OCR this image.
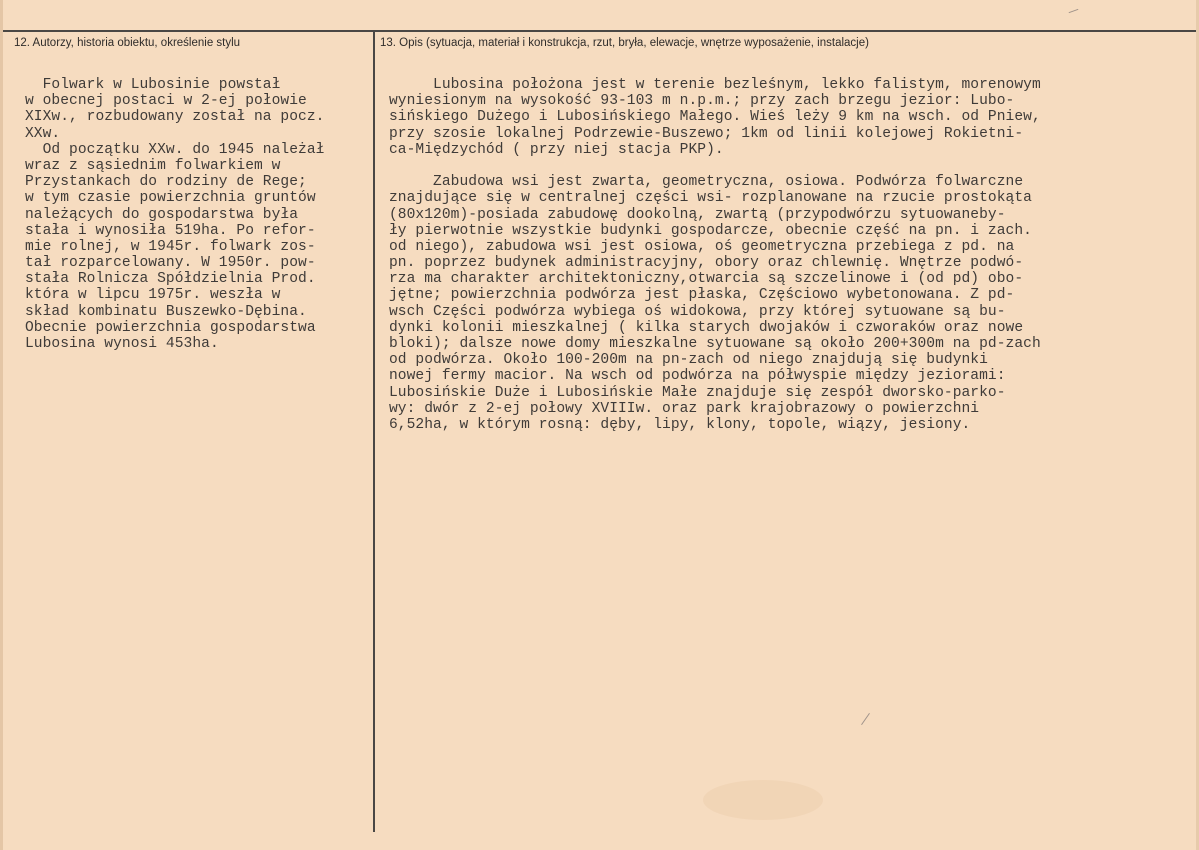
12. Autorzy, historia obiektu, określenie stylu	13. Opis (sytuacja, materiał i konstrukcja, rzut, bryła, elewacje, wnętrze wyposażenie, instalacje)
Folwark w Lubosinie powstał
w obecnej postaci w 2-ej połowie
XIXw., rozbudowany został na pocz.
XXw.
Od początku XXw. do 1945 należał
wraz z sąsiednim folwarkiem w
Przystankach do rodziny de Rege;
w tym czasie powierzchnia gruntów
należących do gospodarstwa była
stała i wynosiła 519ha. Po refor-
mie rolnej, w 1945r. folwark zos-
tał rozparcelowany. W 1950r. pow-
stała Rolnicza Spółdzielnia Prod.
która w lipcu 1975r. weszła w
skład kombinatu Buszewko-Dębina.
Obecnie powierzchnia gospodarstwa
Lubosina wynosi 453ha.
Lubosina położona jest w terenie bezleśnym, lekko falistym, morenowym
wyniesionym na wysokość 93-103 m n.p.m.; przy zach brzegu jezior: Lubo-
sińskiego Dużego i Lubosińskiego Małego. Wieś leży 9 km na wsch. od Pniew,
przy szosie lokalnej Podrzewie-Buszewo; 1km od linii kolejowej Rokietni-
ca-Międzychód ( przy niej stacja PKP).
Zabudowa wsi jest zwarta, geometryczna, osiowa. Podwórza folwarczne
znajdujące się w centralnej części wsi- rozplanowane na rzucie prostokąta
(80x120m)-posiada zabudowę dookolną, zwartą (przypodwórzu sytuowaneby-
ły pierwotnie wszystkie budynki gospodarcze, obecnie część na pn. i zach.
od niego), zabudowa wsi jest osiowa, oś geometryczna przebiega z pd. na
pn. poprzez budynek administracyjny, obory oraz chlewnię. Wnętrze podwó-
rza ma charakter architektoniczny,otwarcia są szczelinowe i (od pd) obo-
jętne; powierzchnia podwórza jest płaska, Częściowo wybetonowana. Z pd-
wsch Części podwórza wybiega oś widokowa, przy której sytuowane są bu-
dynki kolonii mieszkalnej ( kilka starych dwojaków i czworaków oraz nowe
bloki); dalsze nowe domy mieszkalne sytuowane są około 200+300m na pd-zach
od podwórza. Około 100-200m na pn-zach od niego znajdują się budynki
nowej fermy macior. Na wsch od podwórza na półwyspie między jeziorami:
Lubosińskie Duże i Lubosińskie Małe znajduje się zespół dworsko-parko-
wy: dwór z 2-ej połowy XVIIIw. oraz park krajobrazowy o powierzchni
6,52ha, w którym rosną: dęby, lipy, klony, topole, wiązy, jesiony.
